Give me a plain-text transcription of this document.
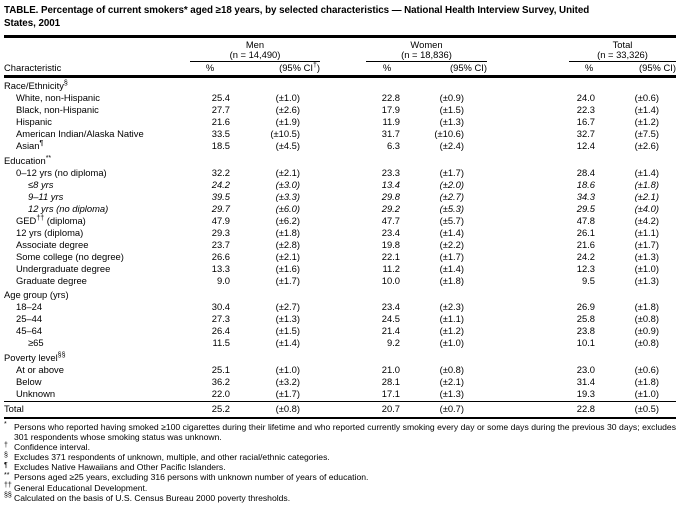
TABLE. Percentage of current smokers* aged ≥18 years, by selected characteristics — National Health Interview Survey, United
States, 2001
Men
(n = 14,490)
Women
(n = 18,836)
Total
(n = 33,326)
Characteristic	%	(95% CI†)	%	(95% CI)	%	(95% CI)
Race/Ethnicity§
White, non-Hispanic	25.4	(±1.0)	22.8	(±0.9)	24.0	(±0.6)
Black, non-Hispanic	27.7	(±2.6)	17.9	(±1.5)	22.3	(±1.4)
Hispanic	21.6	(±1.9)	11.9	(±1.3)	16.7	(±1.2)
American Indian/Alaska Native	33.5	(±10.5)	31.7	(±10.6)	32.7	(±7.5)
Asian¶	18.5	(±4.5)	6.3	(±2.4)	12.4	(±2.6)
Education**
0–12 yrs (no diploma)	32.2	(±2.1)	23.3	(±1.7)	28.4	(±1.4)
≤8 yrs	24.2	(±3.0)	13.4	(±2.0)	18.6	(±1.8)
9–11 yrs	39.5	(±3.3)	29.8	(±2.7)	34.3	(±2.1)
12 yrs (no diploma)	29.7	(±6.0)	29.2	(±5.3)	29.5	(±4.0)
GED†† (diploma)	47.9	(±6.2)	47.7	(±5.7)	47.8	(±4.2)
12 yrs (diploma)	29.3	(±1.8)	23.4	(±1.4)	26.1	(±1.1)
Associate degree	23.7	(±2.8)	19.8	(±2.2)	21.6	(±1.7)
Some college (no degree)	26.6	(±2.1)	22.1	(±1.7)	24.2	(±1.3)
Undergraduate degree	13.3	(±1.6)	11.2	(±1.4)	12.3	(±1.0)
Graduate degree	9.0	(±1.7)	10.0	(±1.8)	9.5	(±1.3)
Age group (yrs)
18–24	30.4	(±2.7)	23.4	(±2.3)	26.9	(±1.8)
25–44	27.3	(±1.3)	24.5	(±1.1)	25.8	(±0.8)
45–64	26.4	(±1.5)	21.4	(±1.2)	23.8	(±0.9)
≥65	11.5	(±1.4)	9.2	(±1.0)	10.1	(±0.8)
Poverty level§§
At or above	25.1	(±1.0)	21.0	(±0.8)	23.0	(±0.6)
Below	36.2	(±3.2)	28.1	(±2.1)	31.4	(±1.8)
Unknown	22.0	(±1.7)	17.1	(±1.3)	19.3	(±1.0)
Total	25.2	(±0.8)	20.7	(±0.7)	22.8	(±0.5)
* Persons who reported having smoked ≥100 cigarettes during their lifetime and who reported currently smoking every day or some days during the previous 30 days; excludes 301 respondents whose smoking status was unknown.
† Confidence interval.
§ Excludes 371 respondents of unknown, multiple, and other racial/ethnic categories.
¶ Excludes Native Hawaiians and Other Pacific Islanders.
** Persons aged ≥25 years, excluding 316 persons with unknown number of years of education.
†† General Educational Development.
§§ Calculated on the basis of U.S. Census Bureau 2000 poverty thresholds.
